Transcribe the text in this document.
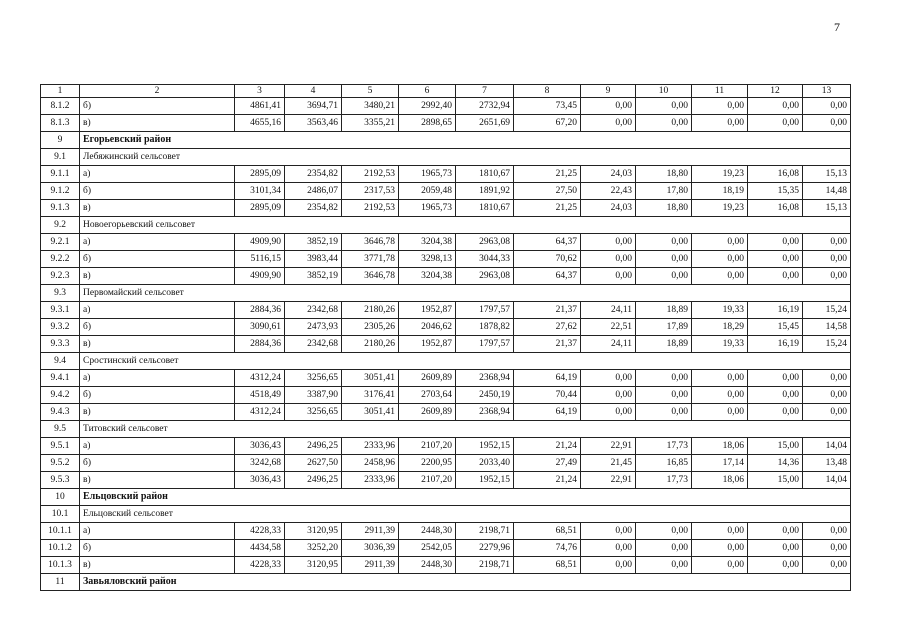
7
1	2	3	4	5	6	7	8	9	10	11	12	13
8.1.2	б)	4861,41	3694,71	3480,21	2992,40	2732,94	73,45	0,00	0,00	0,00	0,00	0,00
8.1.3	в)	4655,16	3563,46	3355,21	2898,65	2651,69	67,20	0,00	0,00	0,00	0,00	0,00
9	Егорьевский район											
9.1	Лебяжинский сельсовет											
9.1.1	а)	2895,09	2354,82	2192,53	1965,73	1810,67	21,25	24,03	18,80	19,23	16,08	15,13
9.1.2	б)	3101,34	2486,07	2317,53	2059,48	1891,92	27,50	22,43	17,80	18,19	15,35	14,48
9.1.3	в)	2895,09	2354,82	2192,53	1965,73	1810,67	21,25	24,03	18,80	19,23	16,08	15,13
9.2	Новоегорьевский сельсовет											
9.2.1	а)	4909,90	3852,19	3646,78	3204,38	2963,08	64,37	0,00	0,00	0,00	0,00	0,00
9.2.2	б)	5116,15	3983,44	3771,78	3298,13	3044,33	70,62	0,00	0,00	0,00	0,00	0,00
9.2.3	в)	4909,90	3852,19	3646,78	3204,38	2963,08	64,37	0,00	0,00	0,00	0,00	0,00
9.3	Первомайский сельсовет											
9.3.1	а)	2884,36	2342,68	2180,26	1952,87	1797,57	21,37	24,11	18,89	19,33	16,19	15,24
9.3.2	б)	3090,61	2473,93	2305,26	2046,62	1878,82	27,62	22,51	17,89	18,29	15,45	14,58
9.3.3	в)	2884,36	2342,68	2180,26	1952,87	1797,57	21,37	24,11	18,89	19,33	16,19	15,24
9.4	Сростинский сельсовет											
9.4.1	а)	4312,24	3256,65	3051,41	2609,89	2368,94	64,19	0,00	0,00	0,00	0,00	0,00
9.4.2	б)	4518,49	3387,90	3176,41	2703,64	2450,19	70,44	0,00	0,00	0,00	0,00	0,00
9.4.3	в)	4312,24	3256,65	3051,41	2609,89	2368,94	64,19	0,00	0,00	0,00	0,00	0,00
9.5	Титовский сельсовет											
9.5.1	а)	3036,43	2496,25	2333,96	2107,20	1952,15	21,24	22,91	17,73	18,06	15,00	14,04
9.5.2	б)	3242,68	2627,50	2458,96	2200,95	2033,40	27,49	21,45	16,85	17,14	14,36	13,48
9.5.3	в)	3036,43	2496,25	2333,96	2107,20	1952,15	21,24	22,91	17,73	18,06	15,00	14,04
10	Ельцовский район											
10.1	Ельцовский сельсовет											
10.1.1	а)	4228,33	3120,95	2911,39	2448,30	2198,71	68,51	0,00	0,00	0,00	0,00	0,00
10.1.2	б)	4434,58	3252,20	3036,39	2542,05	2279,96	74,76	0,00	0,00	0,00	0,00	0,00
10.1.3	в)	4228,33	3120,95	2911,39	2448,30	2198,71	68,51	0,00	0,00	0,00	0,00	0,00
11	Завьяловский район											
